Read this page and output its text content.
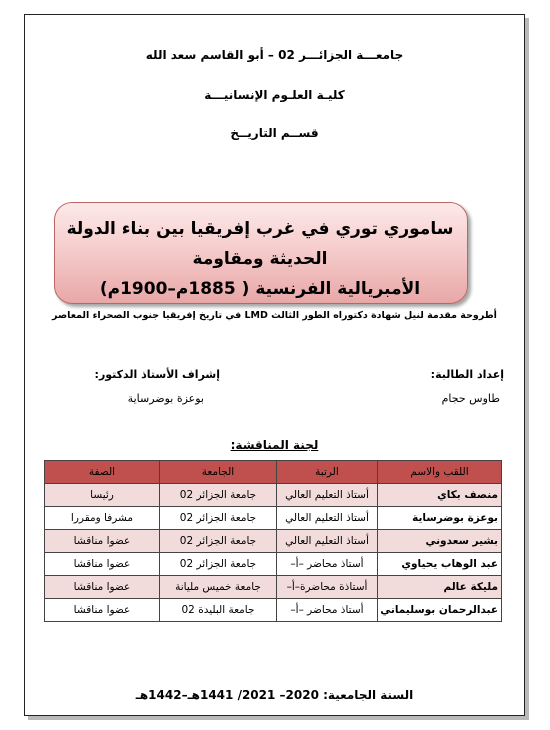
جامعـــة الجزائـــر 02 – أبو القاسم سعد الله
كليـة العلـوم الإنسانيـــة
قســم التاريــخ
ساموري توري في غرب إفريقيا بين بناء الدولة الحديثة ومقاومة
الأمبريالية الفرنسية ( 1885م–1900م)
أطروحة مقدمة لنيل شهادة دكتوراه الطور الثالث LMD في تاريخ إفريقيا جنوب الصحراء المعاصر
إعداد الطالبة:
طاوس حجام
إشراف الأستاذ الدكتور:
بوعزة بوضرساية
لجنة المناقشة:
اللقب والاسم	الرتبة	الجامعة	الصفة
منصف بكاي	أستاذ التعليم العالي	جامعة الجزائر 02	رئيسا
بوعزة بوضرساية	أستاذ التعليم العالي	جامعة الجزائر 02	مشرفا ومقررا
بشير سعدوني	أستاذ التعليم العالي	جامعة الجزائر 02	عضوا مناقشا
عبد الوهاب يحياوي	أستاذ محاضر –أ–	جامعة الجزائر 02	عضوا مناقشا
مليكة عالم	أستاذة محاضرة–أ–	جامعة خميس مليانة	عضوا مناقشا
عبدالرحمان بوسليماني	أستاذ محاضر –أ–	جامعة البليدة 02	عضوا مناقشا
السنة الجامعية: 2020– 2021/ 1441هـ–1442هـ
